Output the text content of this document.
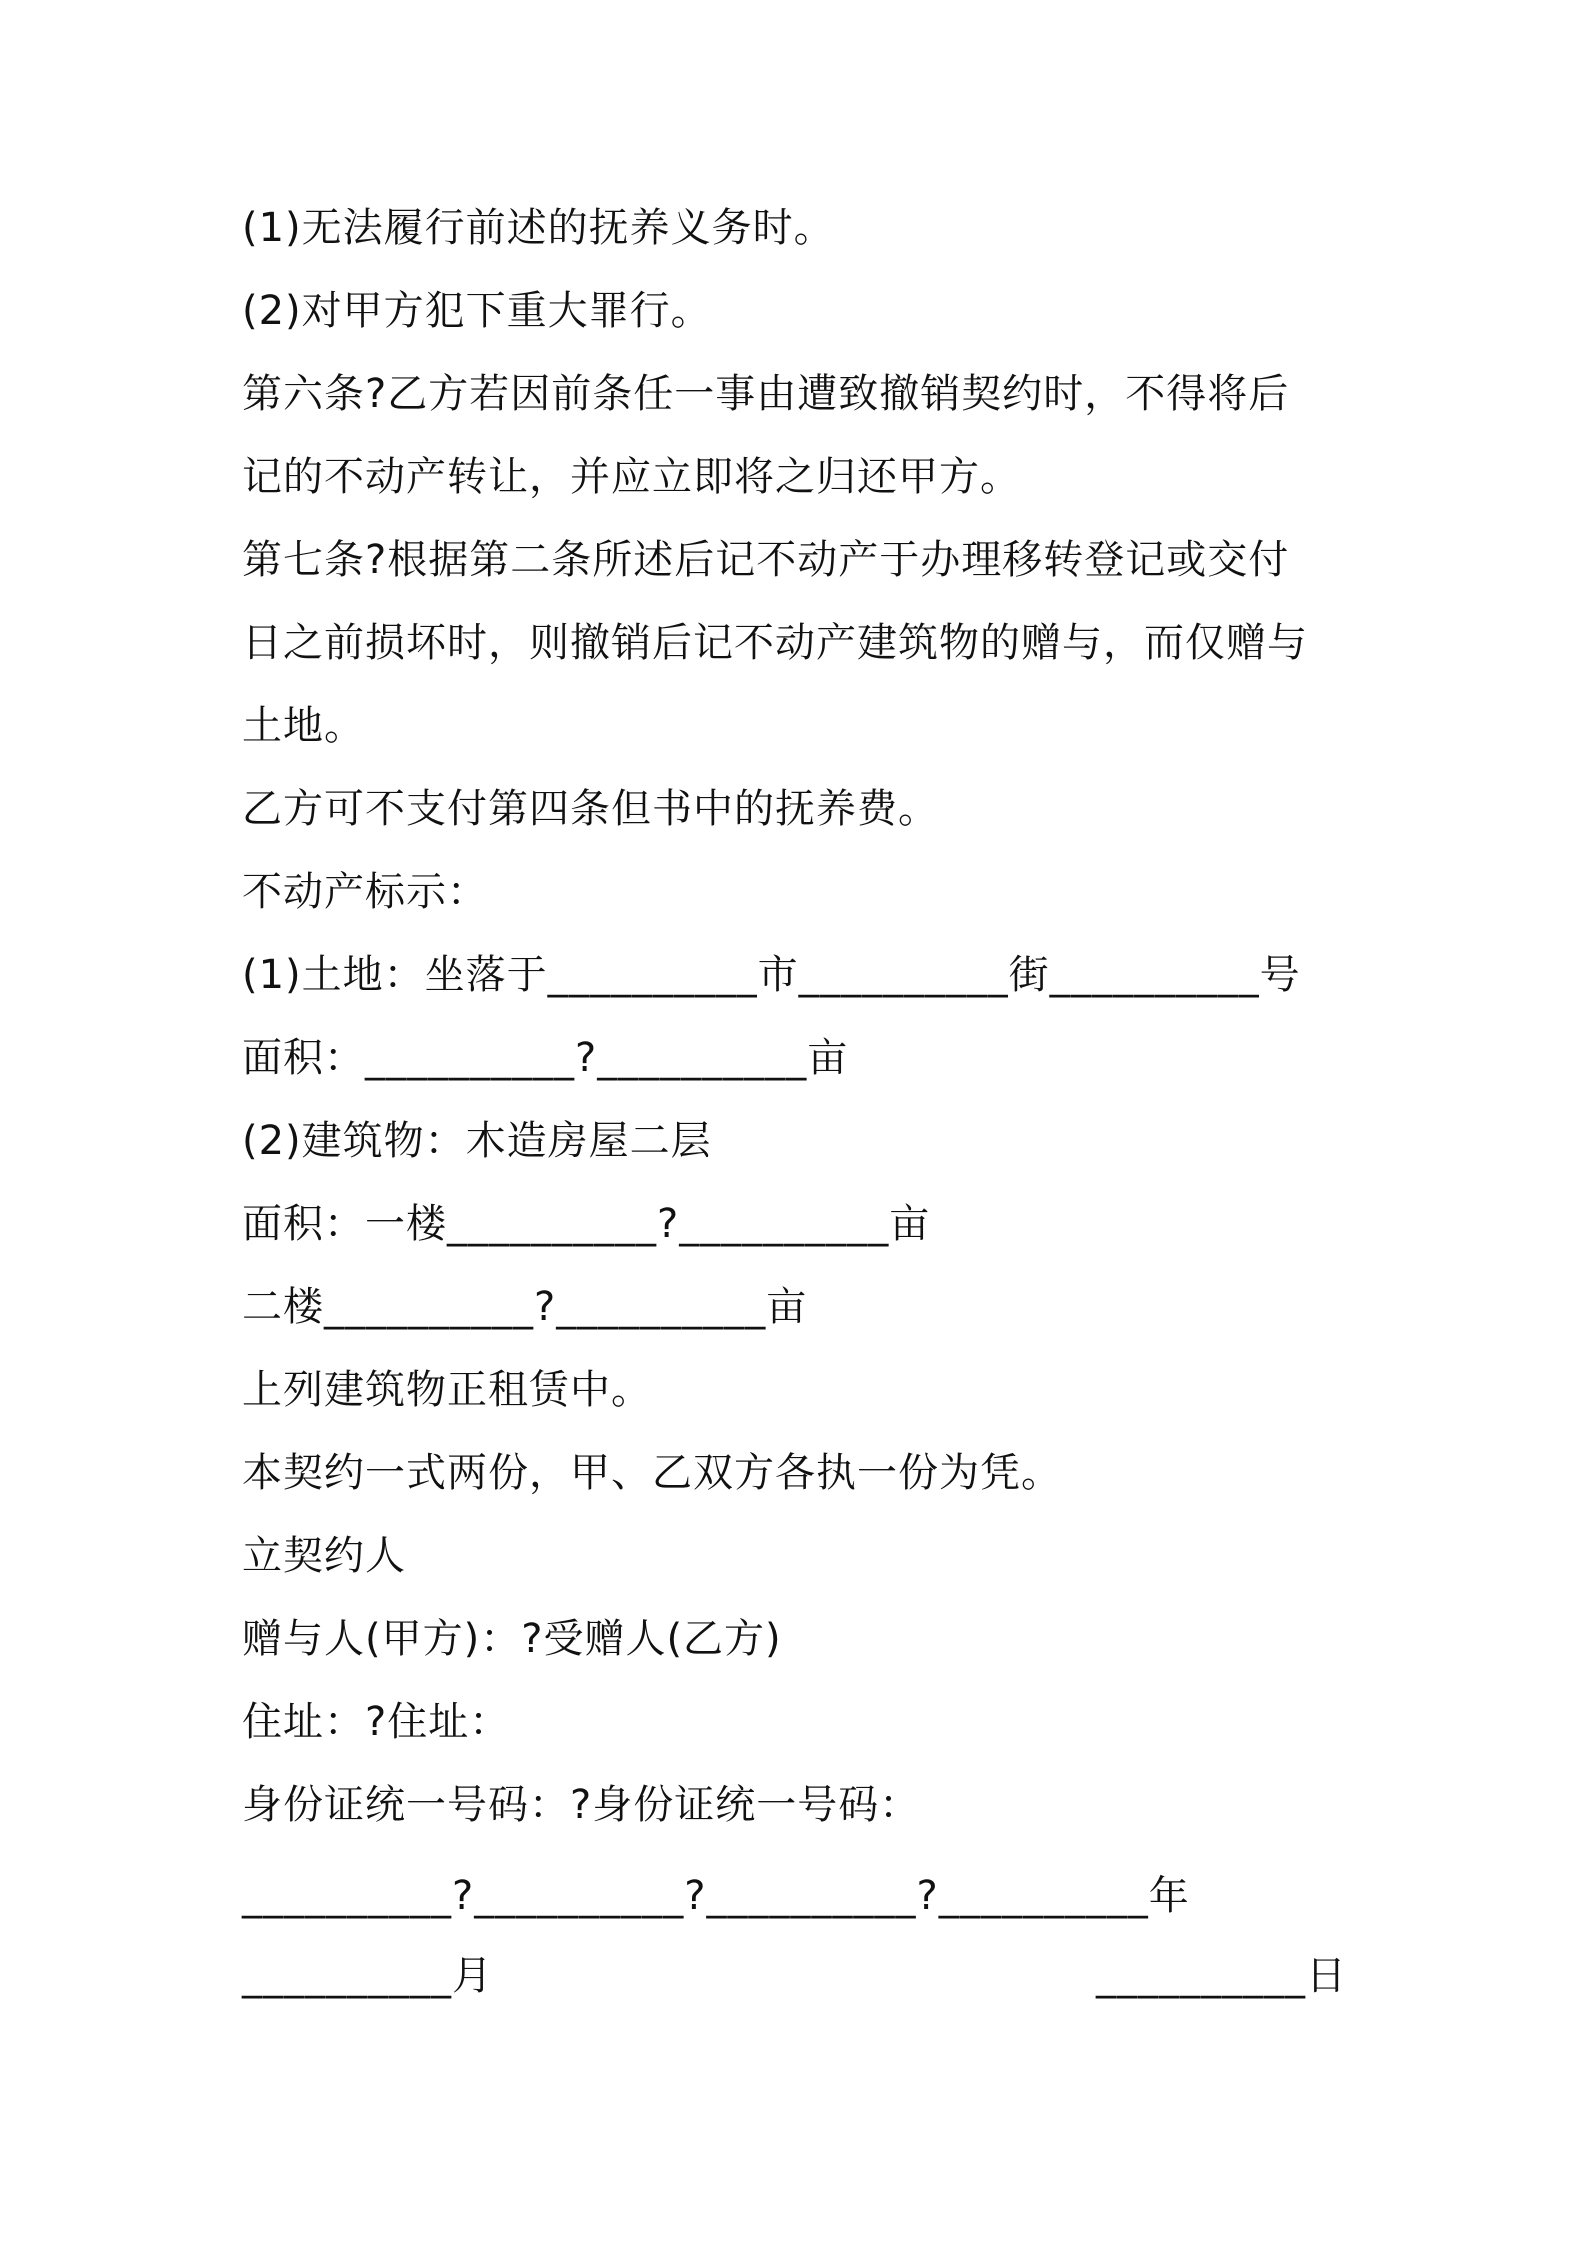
(1)无法履行前述的抚养义务时。
(2)对甲方犯下重大罪行。
第六条?乙方若因前条任一事由遭致撤销契约时，不得将后
记的不动产转让，并应立即将之归还甲方。
第七条?根据第二条所述后记不动产于办理移转登记或交付
日之前损坏时，则撤销后记不动产建筑物的赠与，而仅赠与
土地。
乙方可不支付第四条但书中的抚养费。
不动产标示：
(1)土地：坐落于__________市__________街__________号
面积：__________?__________亩
(2)建筑物：木造房屋二层
面积：一楼__________?__________亩
二楼__________?__________亩
上列建筑物正租赁中。
本契约一式两份，甲、乙双方各执一份为凭。
立契约人
赠与人(甲方)：?受赠人(乙方)
住址：?住址：
身份证统一号码：?身份证统一号码：
__________?__________?__________?__________年
__________月	__________日
